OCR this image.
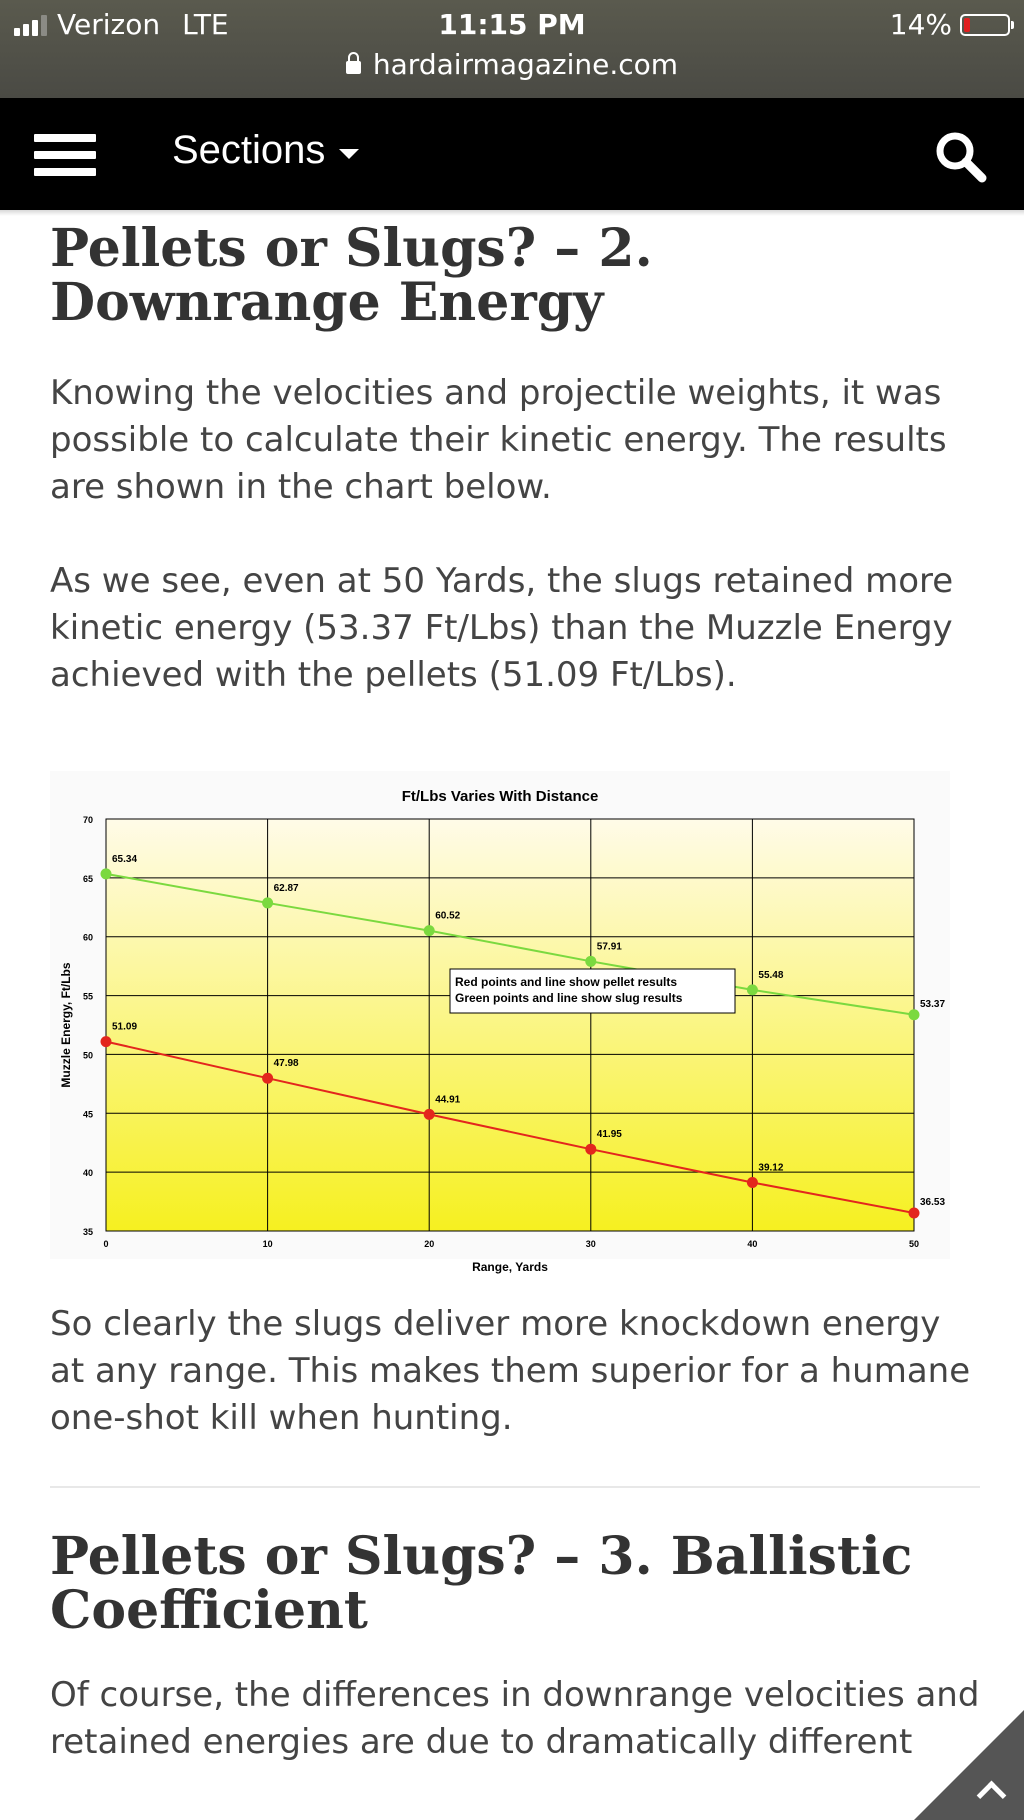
Verizon LTE	11:15 PM	14%
hardairmagazine.com
Sections
Pellets or Slugs? – 2. Downrange Energy

Knowing the velocities and projectile weights, it was possible to calculate their kinetic energy. The results are shown in the chart below.

As we see, even at 50 Yards, the slugs retained more kinetic energy (53.37 Ft/Lbs) than the Muzzle Energy achieved with the pellets (51.09 Ft/Lbs).

Ft/Lbs Varies With Distance
35
40
45
50
55
60
65
70
0	10	20	30	40	50
65.34
62.87
60.52
57.91
55.48
53.37
51.09
47.98
44.91
41.95
39.12
36.53
Red points and line show pellet results
Green points and line show slug results
Range, Yards
Muzzle Energy, Ft/Lbs

So clearly the slugs deliver more knockdown energy at any range. This makes them superior for a humane one-shot kill when hunting.

Pellets or Slugs? – 3. Ballistic Coefficient

Of course, the differences in downrange velocities and retained energies are due to dramatically different
